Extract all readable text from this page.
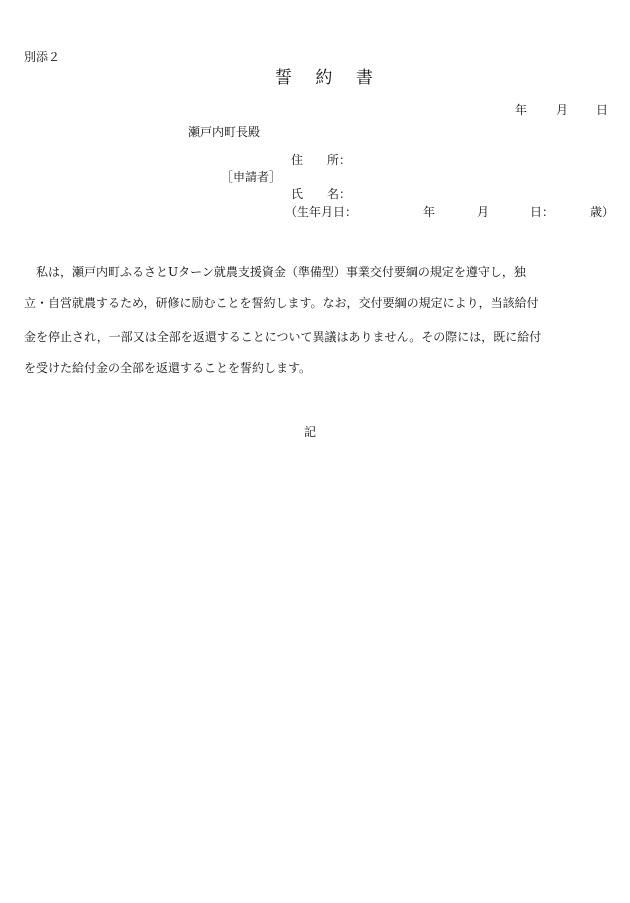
別添２
誓 約 書
年 月 日
瀬戸内町長殿
住　　所：
［申請者］
氏　　名：
（生年月日：	年	月	日：	歳）
私は，瀬戸内町ふるさとUターン就農支援資金（準備型）事業交付要綱の規定を遵守し，独
立・自営就農するため，研修に励むことを誓約します。なお，交付要綱の規定により，当該給付
金を停止され，一部又は全部を返還することについて異議はありません。その際には，既に給付
を受けた給付金の全部を返還することを誓約します。
記
